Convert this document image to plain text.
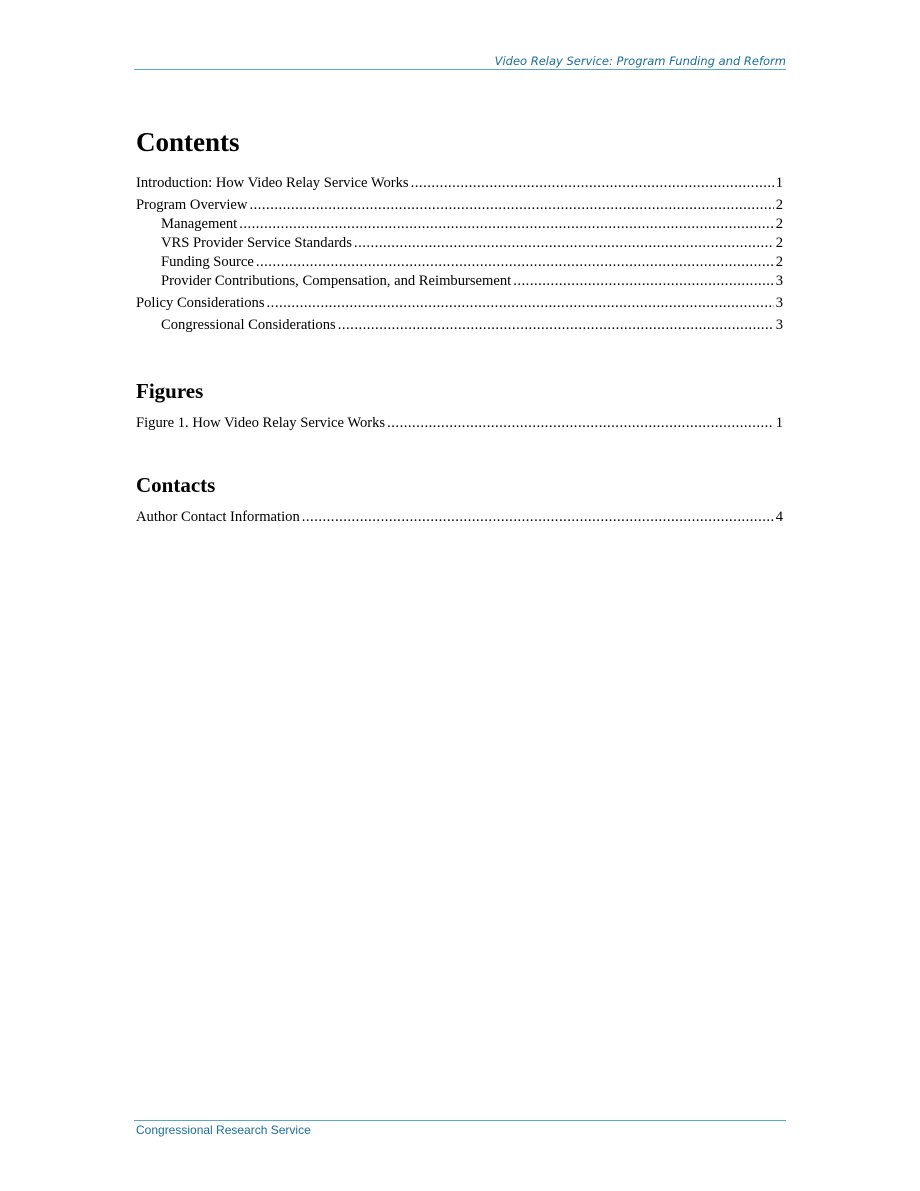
Video Relay Service: Program Funding and Reform
Contents
Introduction: How Video Relay Service Works .....	1
Program Overview .....	2
Management .....	2
VRS Provider Service Standards .....	2
Funding Source .....	2
Provider Contributions, Compensation, and Reimbursement .....	3
Policy Considerations .....	3
Congressional Considerations .....	3
Figures
Figure 1. How Video Relay Service Works .....	1
Contacts
Author Contact Information .....	4
Congressional Research Service
